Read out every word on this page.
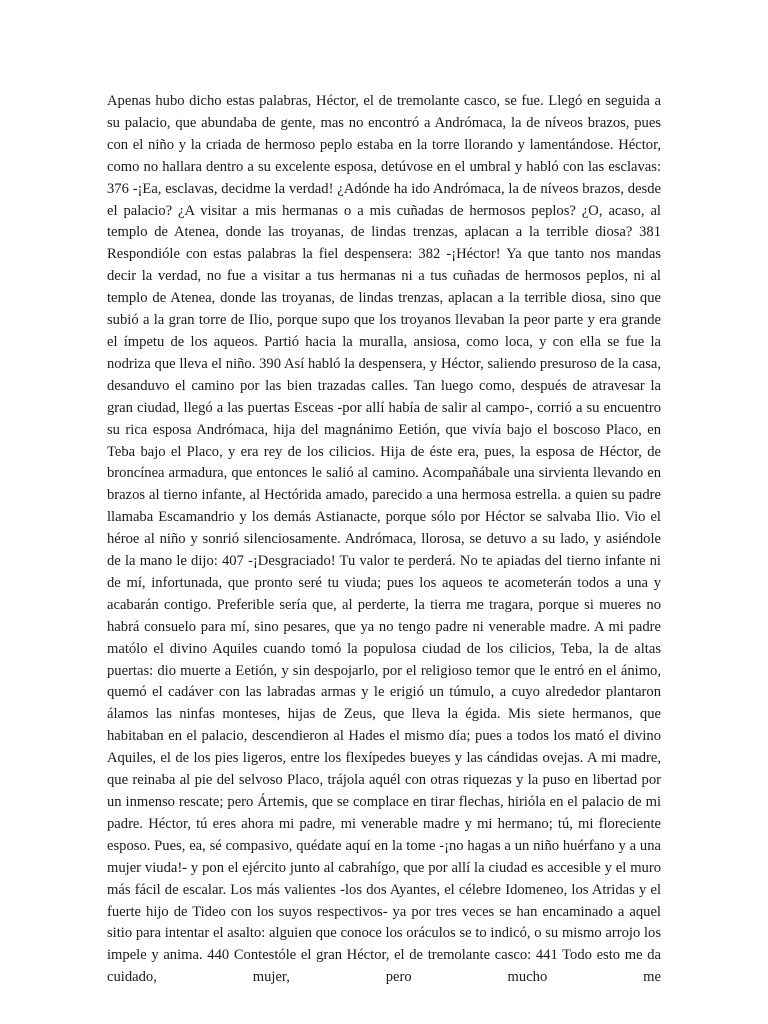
Apenas hubo dicho estas palabras, Héctor, el de tremolante casco, se fue. Llegó en seguida a su palacio, que abundaba de gente, mas no encontró a Andrómaca, la de níveos brazos, pues con el niño y la criada de hermoso peplo estaba en la torre llorando y lamentándose. Héctor, como no hallara dentro a su excelente esposa, detúvose en el umbral y habló con las esclavas: 376 -¡Ea, esclavas, decidme la verdad! ¿Adónde ha ido Andrómaca, la de níveos brazos, desde el palacio? ¿A visitar a mis hermanas o a mis cuñadas de hermosos peplos? ¿O, acaso, al templo de Atenea, donde las troyanas, de lindas trenzas, aplacan a la terrible diosa? 381 Respondióle con estas palabras la fiel despensera: 382 -¡Héctor! Ya que tanto nos mandas decir la verdad, no fue a visitar a tus hermanas ni a tus cuñadas de hermosos peplos, ni al templo de Atenea, donde las troyanas, de lindas trenzas, aplacan a la terrible diosa, sino que subió a la gran torre de Ilio, porque supo que los troyanos llevaban la peor parte y era grande el ímpetu de los aqueos. Partió hacia la muralla, ansiosa, como loca, y con ella se fue la nodriza que lleva el niño. 390 Así habló la despensera, y Héctor, saliendo presuroso de la casa, desanduvo el camino por las bien trazadas calles. Tan luego como, después de atravesar la gran ciudad, llegó a las puertas Esceas -por allí había de salir al campo-, corrió a su encuentro su rica esposa Andrómaca, hija del magnánimo Eetión, que vivía bajo el boscoso Placo, en Teba bajo el Placo, y era rey de los cilicios. Hija de éste era, pues, la esposa de Héctor, de broncínea armadura, que entonces le salió al camino. Acompañábale una sirvienta llevando en brazos al tierno infante, al Hectórida amado, parecido a una hermosa estrella. a quien su padre llamaba Escamandrio y los demás Astianacte, porque sólo por Héctor se salvaba Ilio. Vio el héroe al niño y sonrió silenciosamente. Andrómaca, llorosa, se detuvo a su lado, y asiéndole de la mano le dijo: 407 -¡Desgraciado! Tu valor te perderá. No te apiadas del tierno infante ni de mí, infortunada, que pronto seré tu viuda; pues los aqueos te acometerán todos a una y acabarán contigo. Preferible sería que, al perderte, la tierra me tragara, porque si mueres no habrá consuelo para mí, sino pesares, que ya no tengo padre ni venerable madre. A mi padre matólo el divino Aquiles cuando tomó la populosa ciudad de los cilicios, Teba, la de altas puertas: dio muerte a Eetión, y sin despojarlo, por el religioso temor que le entró en el ánimo, quemó el cadáver con las labradas armas y le erigió un túmulo, a cuyo alrededor plantaron álamos las ninfas monteses, hijas de Zeus, que lleva la égida. Mis siete hermanos, que habitaban en el palacio, descendieron al Hades el mismo día; pues a todos los mató el divino Aquiles, el de los pies ligeros, entre los flexípedes bueyes y las cándidas ovejas. A mi madre, que reinaba al pie del selvoso Placo, trájola aquél con otras riquezas y la puso en libertad por un inmenso rescate; pero Ártemis, que se complace en tirar flechas, hirióla en el palacio de mi padre. Héctor, tú eres ahora mi padre, mi venerable madre y mi hermano; tú, mi floreciente esposo. Pues, ea, sé compasivo, quédate aquí en la tome -¡no hagas a un niño huérfano y a una mujer viuda!- y pon el ejército junto al cabrahígo, que por allí la ciudad es accesible y el muro más fácil de escalar. Los más valientes -los dos Ayantes, el célebre Idomeneo, los Atridas y el fuerte hijo de Tideo con los suyos respectivos- ya por tres veces se han encaminado a aquel sitio para intentar el asalto: alguien que conoce los oráculos se to indicó, o su mismo arrojo los impele y anima. 440 Contestóle el gran Héctor, el de tremolante casco: 441 Todo esto me da cuidado, mujer, pero mucho me
